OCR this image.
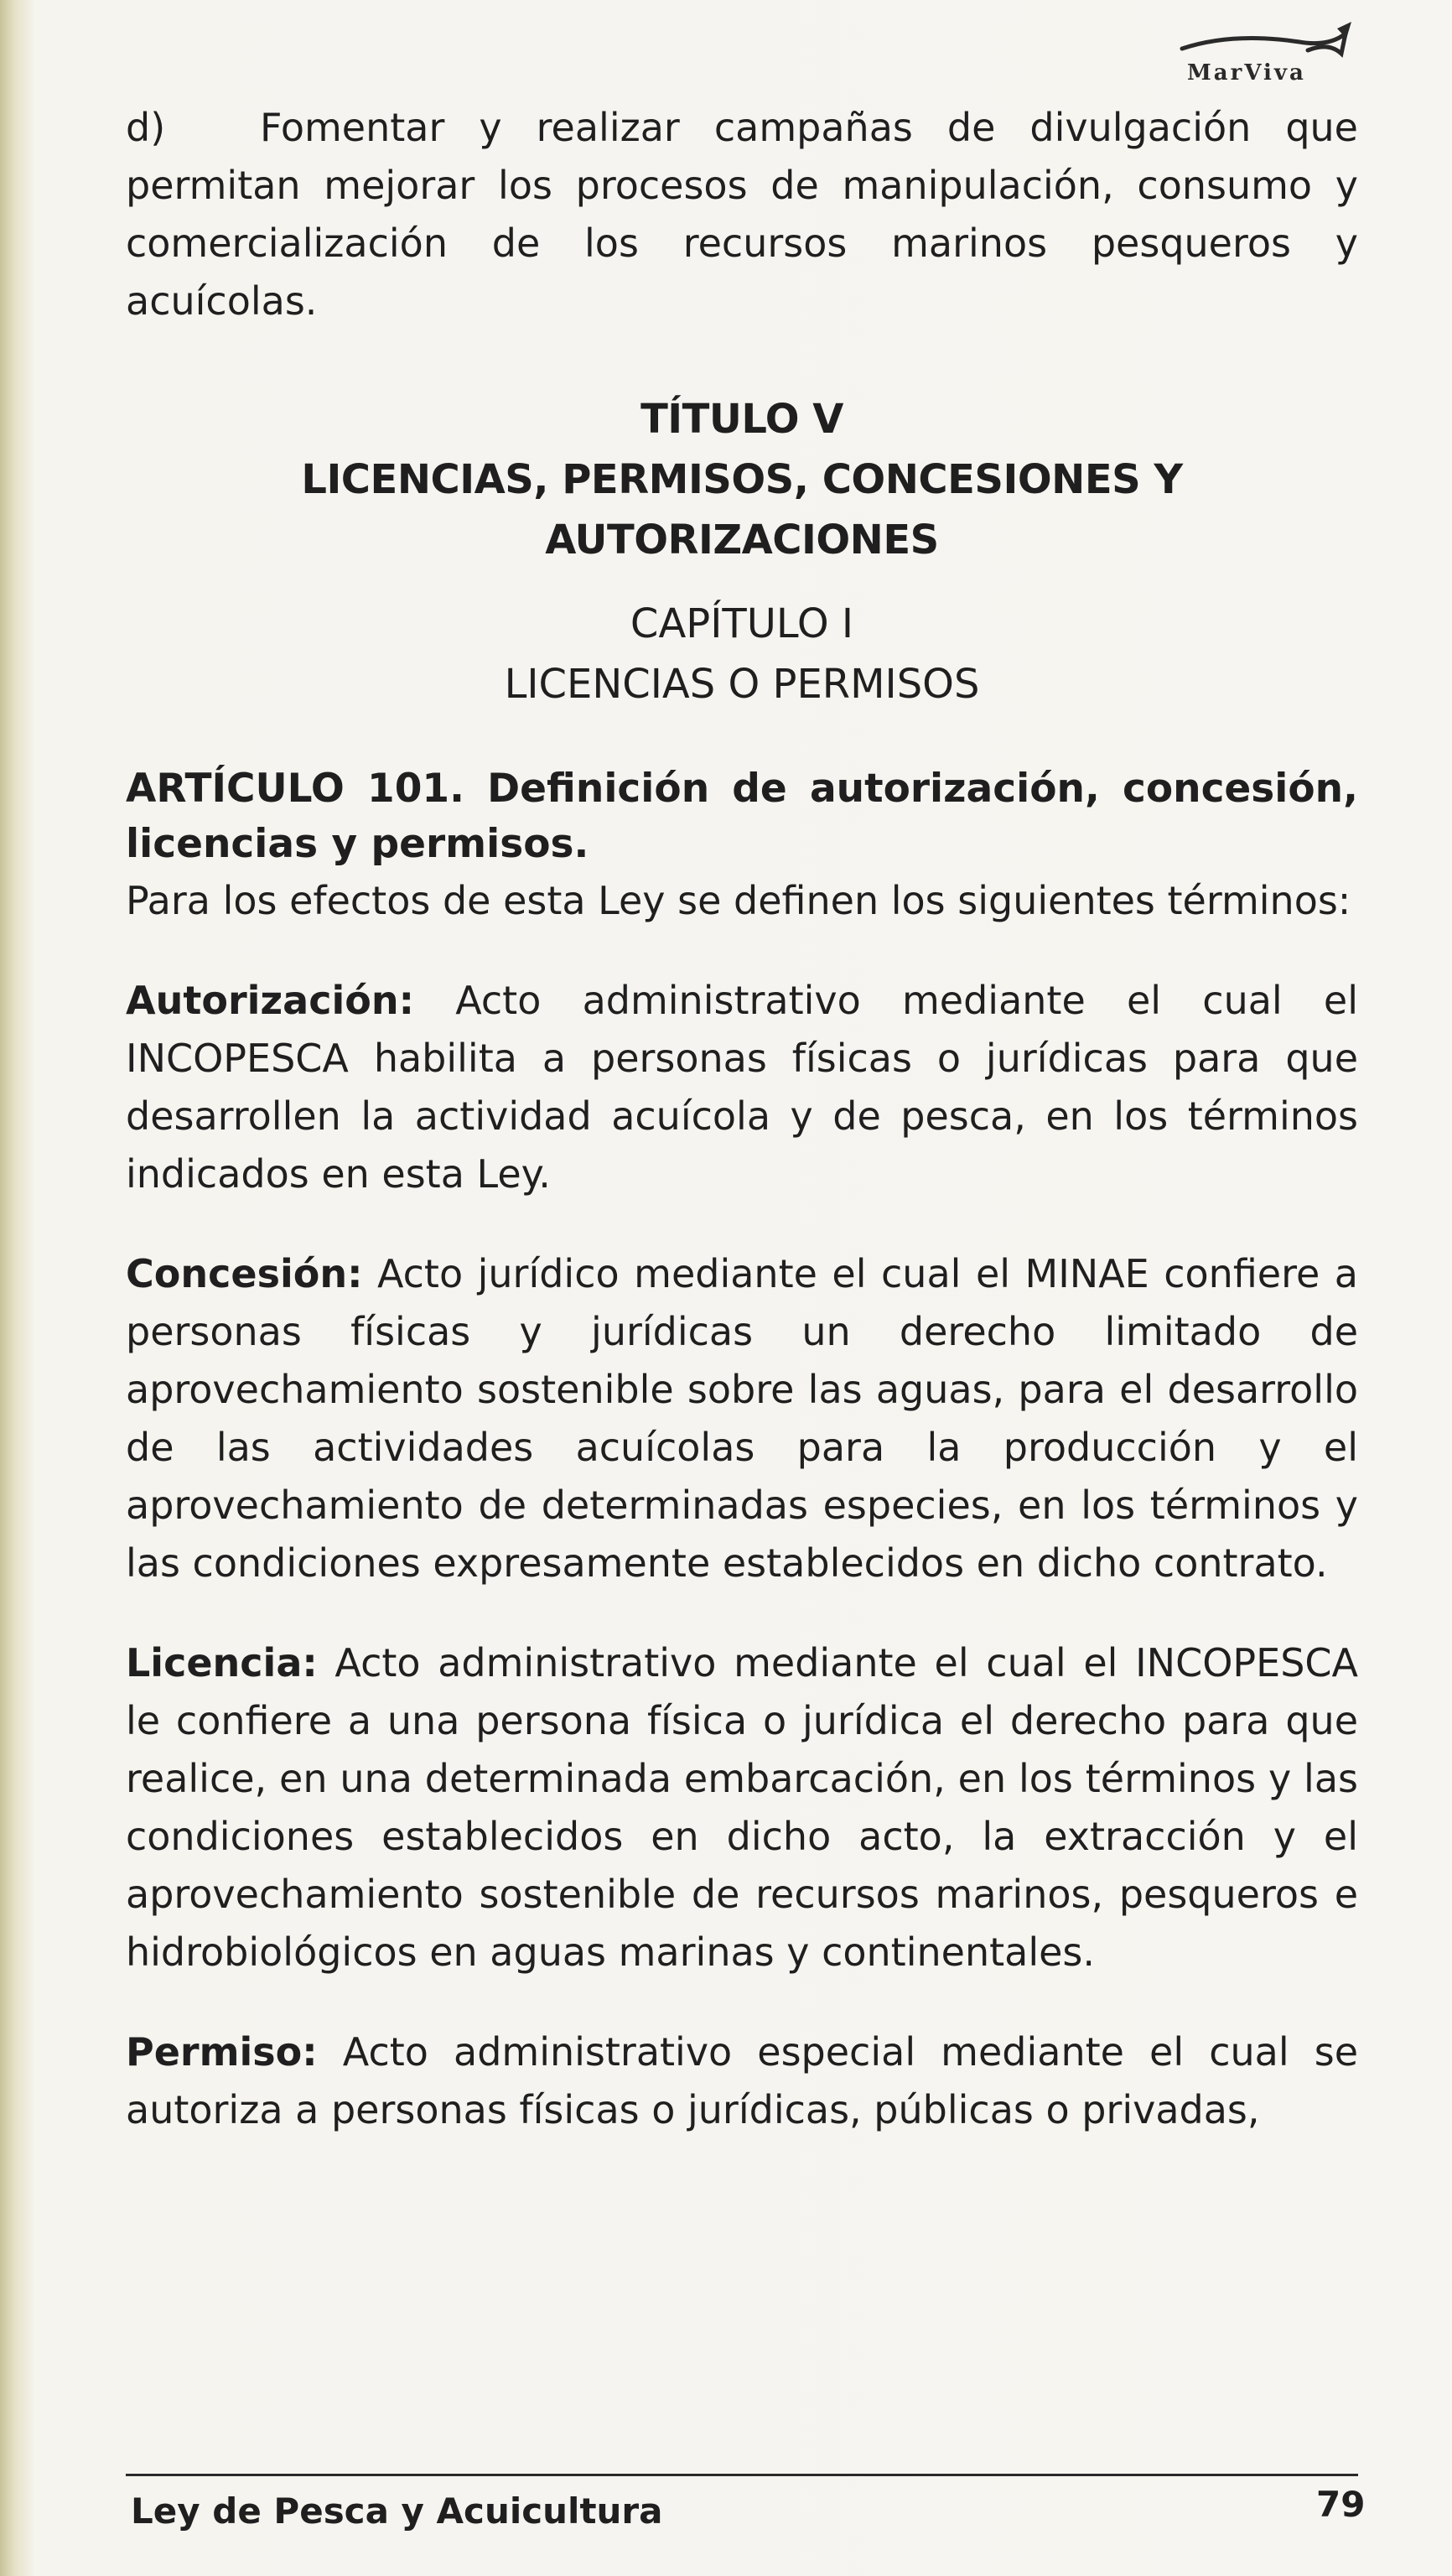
MarViva

d) Fomentar y realizar campañas de divulgación que permitan mejorar los procesos de manipulación, consumo y comercialización de los recursos marinos pesqueros y acuícolas.

TÍTULO V

LICENCIAS, PERMISOS, CONCESIONES Y AUTORIZACIONES

CAPÍTULO I

LICENCIAS O PERMISOS

ARTÍCULO 101. Definición de autorización, concesión, licencias y permisos.

Para los efectos de esta Ley se definen los siguientes términos:

Autorización: Acto administrativo mediante el cual el INCOPESCA habilita a personas físicas o jurídicas para que desarrollen la actividad acuícola y de pesca, en los términos indicados en esta Ley.

Concesión: Acto jurídico mediante el cual el MINAE confiere a personas físicas y jurídicas un derecho limitado de aprovechamiento sostenible sobre las aguas, para el desarrollo de las actividades acuícolas para la producción y el aprovechamiento de determinadas especies, en los términos y las condiciones expresamente establecidos en dicho contrato.

Licencia: Acto administrativo mediante el cual el INCOPESCA le confiere a una persona física o jurídica el derecho para que realice, en una determinada embarcación, en los términos y las condiciones establecidos en dicho acto, la extracción y el aprovechamiento sostenible de recursos marinos, pesqueros e hidrobiológicos en aguas marinas y continentales.

Permiso: Acto administrativo especial mediante el cual se autoriza a personas físicas o jurídicas, públicas o privadas,

Ley de Pesca y Acuicultura	79
